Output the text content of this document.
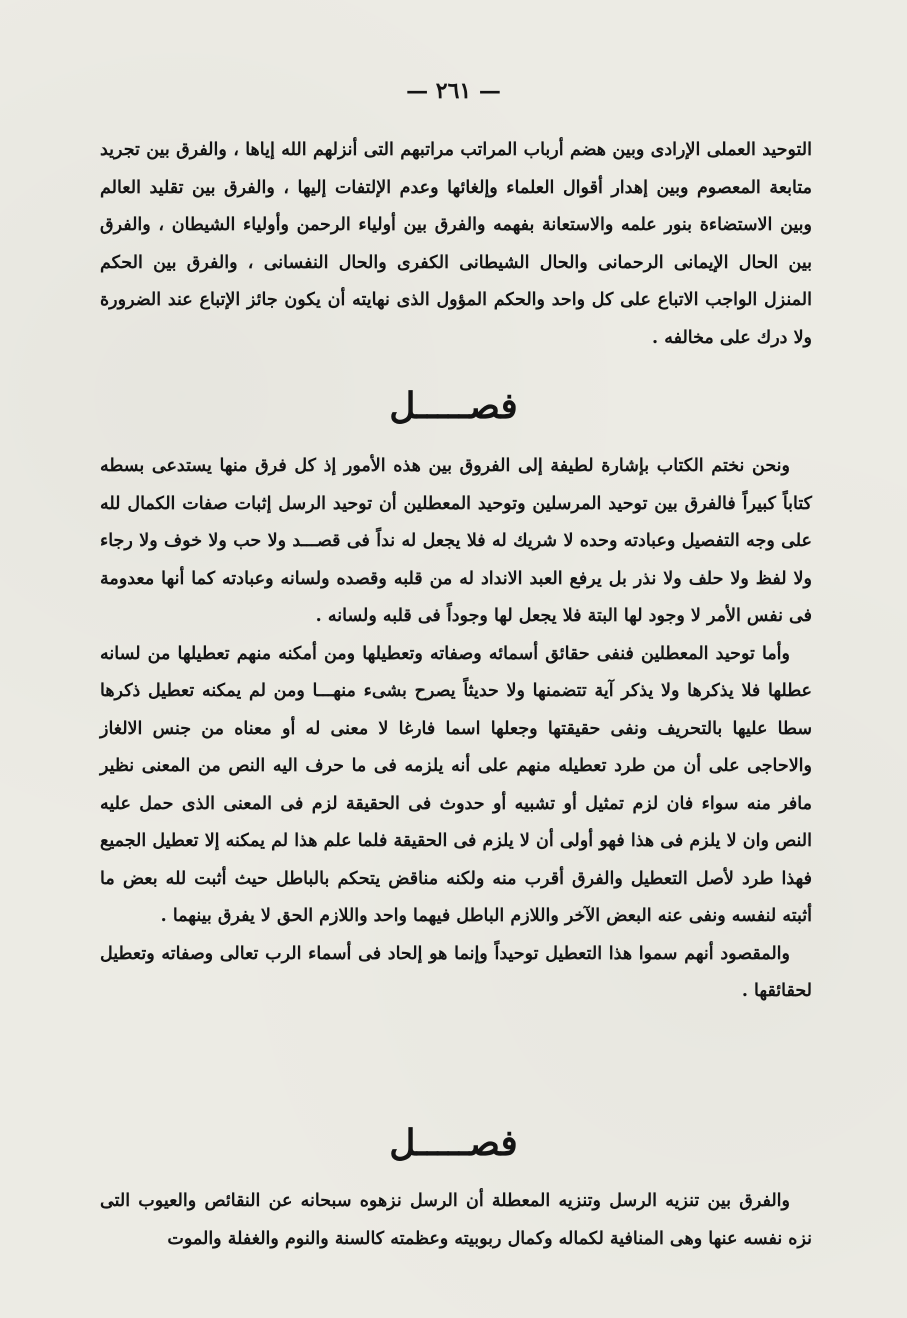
— ٢٦١ —

التوحيد العملى الإرادى وبين هضم أرباب المراتب مراتبهم التى أنزلهم الله إياها ، والفرق بين تجريد متابعة المعصوم وبين إهدار أقوال العلماء وإلغائها وعدم الإلتفات إليها ، والفرق بين تقليد العالم وبين الاستضاءة بنور علمه والاستعانة بفهمه والفرق بين أولياء الرحمن وأولياء الشيطان ، والفرق بين الحال الإيمانى الرحمانى والحال الشيطانى الكفرى والحال النفسانى ، والفرق بين الحكم المنزل الواجب الاتباع على كل واحد والحكم المؤول الذى نهايته أن يكون جائز الإتباع عند الضرورة ولا درك على مخالفه .

فصـــــل

ونحن نختم الكتاب بإشارة لطيفة إلى الفروق بين هذه الأمور إذ كل فرق منها يستدعى بسطه كتاباً كبيراً فالفرق بين توحيد المرسلين وتوحيد المعطلين أن توحيد الرسل إثبات صفات الكمال لله على وجه التفصيل وعبادته وحده لا شريك له فلا يجعل له نداً فى قصـــد ولا حب ولا خوف ولا رجاء ولا لفظ ولا حلف ولا نذر بل يرفع العبد الانداد له من قلبه وقصده ولسانه وعبادته كما أنها معدومة فى نفس الأمر لا وجود لها البتة فلا يجعل لها وجوداً فى قلبه ولسانه .

وأما توحيد المعطلين فنفى حقائق أسمائه وصفاته وتعطيلها ومن أمكنه منهم تعطيلها من لسانه عطلها فلا يذكرها ولا يذكر آية تتضمنها ولا حديثاً يصرح بشىء منهـــا ومن لم يمكنه تعطيل ذكرها سطا عليها بالتحريف ونفى حقيقتها وجعلها اسما فارغا لا معنى له أو معناه من جنس الالغاز والاحاجى على أن من طرد تعطيله منهم على أنه يلزمه فى ما حرف اليه النص من المعنى نظير مافر منه سواء فان لزم تمثيل أو تشبيه أو حدوث فى الحقيقة لزم فى المعنى الذى حمل عليه النص وان لا يلزم فى هذا فهو أولى أن لا يلزم فى الحقيقة فلما علم هذا لم يمكنه إلا تعطيل الجميع فهذا طرد لأصل التعطيل والفرق أقرب منه ولكنه مناقض يتحكم بالباطل حيث أثبت لله بعض ما أثبته لنفسه ونفى عنه البعض الآخر واللازم الباطل فيهما واحد واللازم الحق لا يفرق بينهما .

والمقصود أنهم سموا هذا التعطيل توحيداً وإنما هو إلحاد فى أسماء الرب تعالى وصفاته وتعطيل لحقائقها .

فصـــــل

والفرق بين تنزيه الرسل وتنزيه المعطلة أن الرسل نزهوه سبحانه عن النقائص والعيوب التى نزه نفسه عنها وهى المنافية لكماله وكمال ربوبيته وعظمته كالسنة والنوم والغفلة والموت
